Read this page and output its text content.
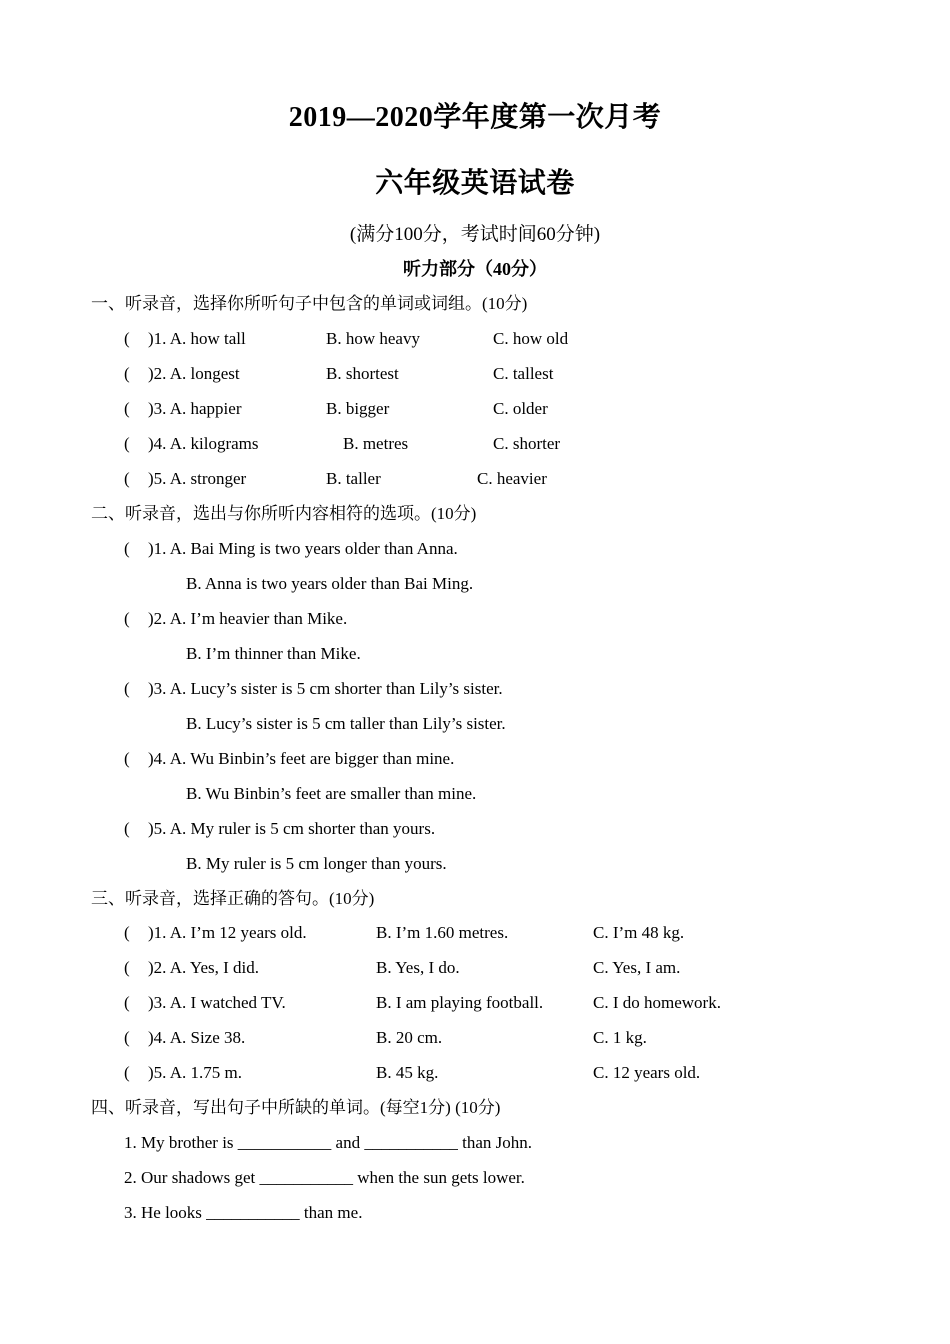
2019—2020学年度第一次月考
六年级英语试卷
(满分100分，考试时间60分钟)
听力部分（40分）
一、听录音，选择你所听句子中包含的单词或词组。(10分)
( )1. A. how tall	B. how heavy	C. how old
( )2. A. longest	B. shortest	C. tallest
( )3. A. happier	B. bigger	C. older
( )4. A. kilograms	B. metres	C. shorter
( )5. A. stronger	B. taller	C. heavier
二、听录音，选出与你所听内容相符的选项。(10分)
( )1. A. Bai Ming is two years older than Anna.
B. Anna is two years older than Bai Ming.
( )2. A. I’m heavier than Mike.
B. I’m thinner than Mike.
( )3. A. Lucy’s sister is 5 cm shorter than Lily’s sister.
B. Lucy’s sister is 5 cm taller than Lily’s sister.
( )4. A. Wu Binbin’s feet are bigger than mine.
B. Wu Binbin’s feet are smaller than mine.
( )5. A. My ruler is 5 cm shorter than yours.
B. My ruler is 5 cm longer than yours.
三、听录音，选择正确的答句。(10分)
( )1. A. I’m 12 years old.	B. I’m 1.60 metres.	C. I’m 48 kg.
( )2. A. Yes, I did.	B. Yes, I do.	C. Yes, I am.
( )3. A. I watched TV.	B. I am playing football.	C. I do homework.
( )4. A. Size 38.	B. 20 cm.	C. 1 kg.
( )5. A. 1.75 m.	B. 45 kg.	C. 12 years old.
四、听录音，写出句子中所缺的单词。(每空1分) (10分)
1. My brother is ___________ and ___________ than John.
2. Our shadows get ___________ when the sun gets lower.
3. He looks ___________ than me.
